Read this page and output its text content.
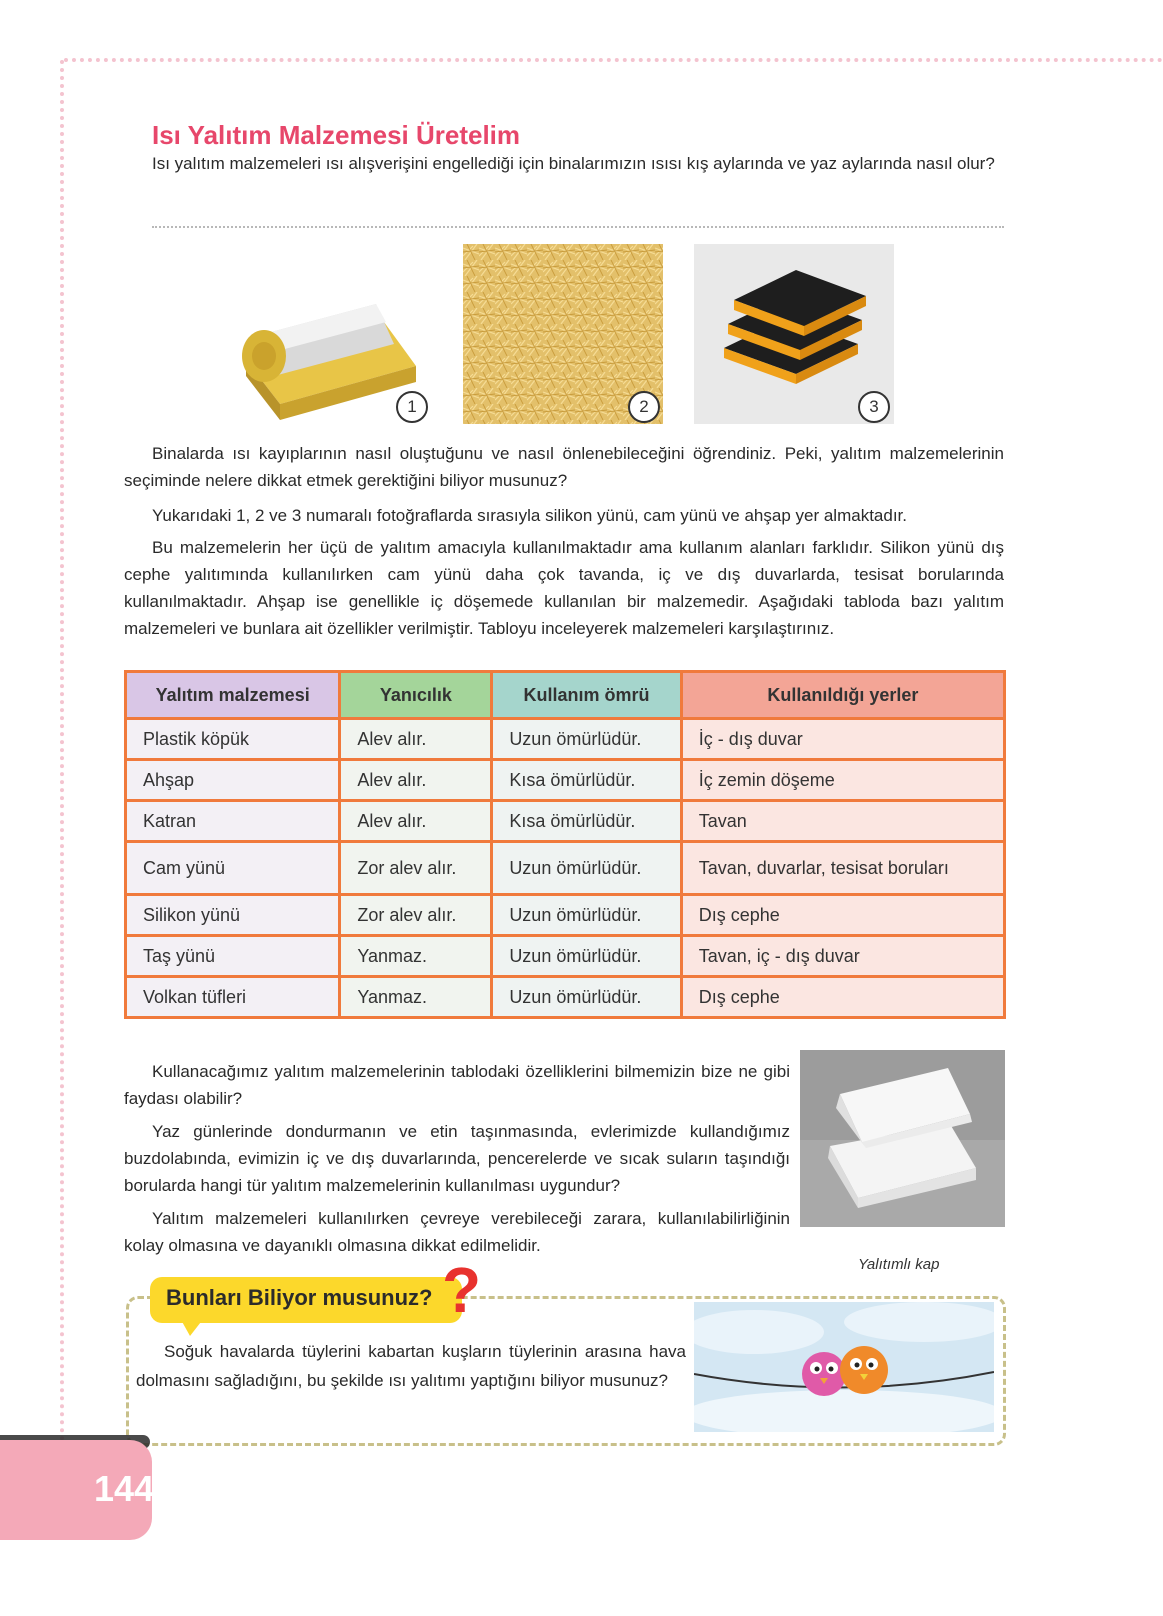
Isı Yalıtım Malzemesi Üretelim

Isı yalıtım malzemeleri ısı alışverişini engellediği için binalarımızın ısısı kış aylarında ve yaz aylarında nasıl olur?

1	2	3

Binalarda ısı kayıplarının nasıl oluştuğunu ve nasıl önlenebileceğini öğrendiniz. Peki, yalıtım malzemelerinin seçiminde nelere dikkat etmek gerektiğini biliyor musunuz?

Yukarıdaki 1, 2 ve 3 numaralı fotoğraflarda sırasıyla silikon yünü, cam yünü ve ahşap yer almaktadır.

Bu malzemelerin her üçü de yalıtım amacıyla kullanılmaktadır ama kullanım alanları farklıdır. Silikon yünü dış cephe yalıtımında kullanılırken cam yünü daha çok tavanda, iç ve dış duvarlarda, tesisat borularında kullanılmaktadır. Ahşap ise genellikle iç döşemede kullanılan bir malzemedir. Aşağıdaki tabloda bazı yalıtım malzemeleri ve bunlara ait özellikler verilmiştir. Tabloyu inceleyerek malzemeleri karşılaştırınız.

Yalıtım malzemesi	Yanıcılık	Kullanım ömrü	Kullanıldığı yerler
Plastik köpük	Alev alır.	Uzun ömürlüdür.	İç - dış duvar
Ahşap	Alev alır.	Kısa ömürlüdür.	İç zemin döşeme
Katran	Alev alır.	Kısa ömürlüdür.	Tavan
Cam yünü	Zor alev alır.	Uzun ömürlüdür.	Tavan, duvarlar, tesisat boruları
Silikon yünü	Zor alev alır.	Uzun ömürlüdür.	Dış cephe
Taş yünü	Yanmaz.	Uzun ömürlüdür.	Tavan, iç - dış duvar
Volkan tüfleri	Yanmaz.	Uzun ömürlüdür.	Dış cephe

Kullanacağımız yalıtım malzemelerinin tablodaki özelliklerini bilmemizin bize ne gibi faydası olabilir?

Yaz günlerinde dondurmanın ve etin taşınmasında, evlerimizde kullandığımız buzdolabında, evimizin iç ve dış duvarlarında, pencerelerde ve sıcak suların taşındığı borularda hangi tür yalıtım malzemelerinin kullanılması uygundur?

Yalıtım malzemeleri kullanılırken çevreye verebileceği zarara, kullanılabilirliğinin kolay olmasına ve dayanıklı olmasına dikkat edilmelidir.

Yalıtımlı kap

Bunları Biliyor musunuz? ?

Soğuk havalarda tüylerini kabartan kuşların tüylerinin arasına hava dolmasını sağladığını, bu şekilde ısı yalıtımı yaptığını biliyor musunuz?

144
